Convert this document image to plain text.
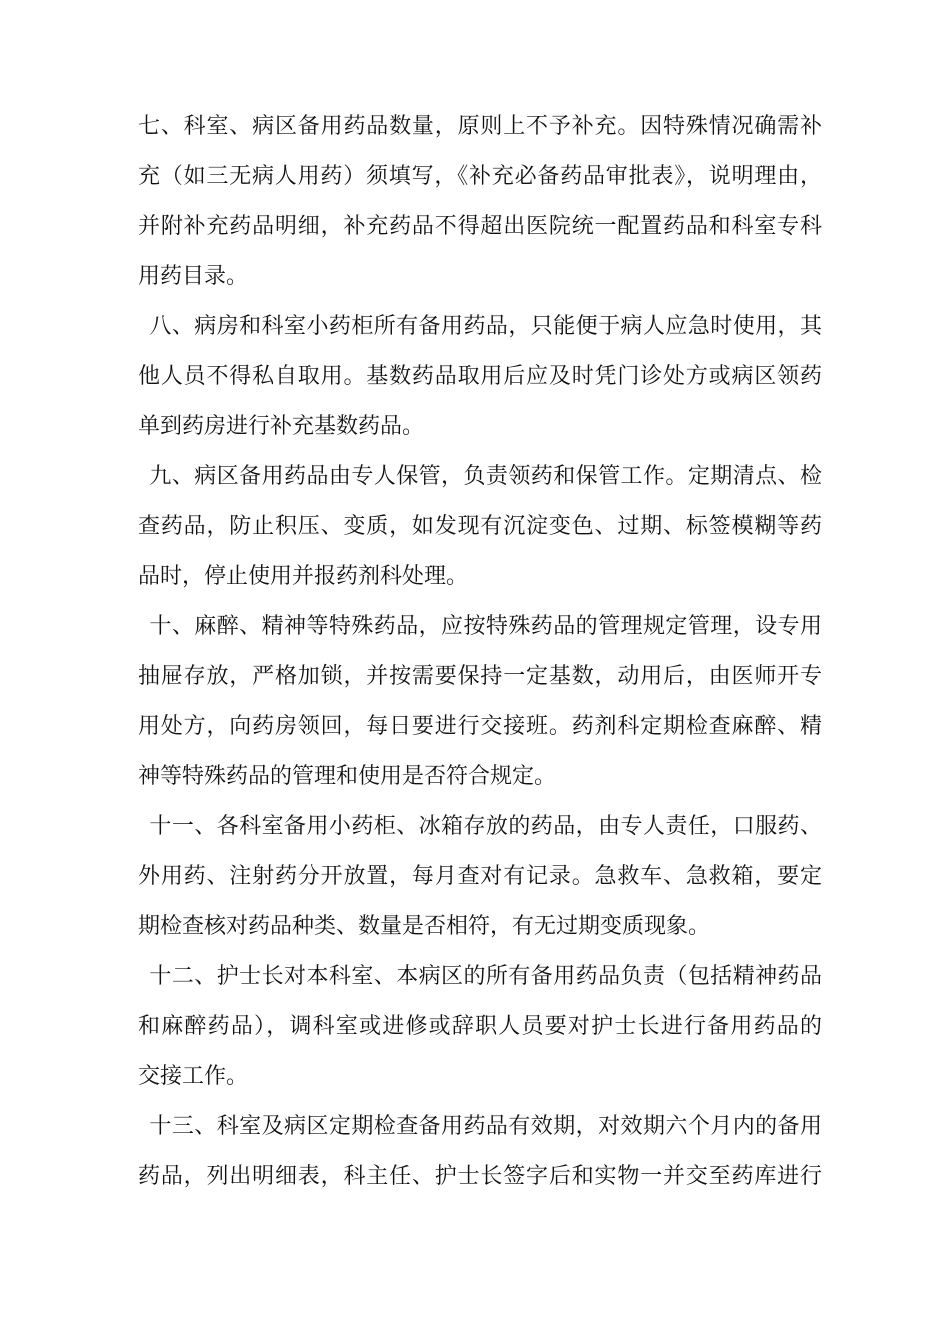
七、科室、病区备用药品数量，原则上不予补充。因特殊情况确需补
充（如三无病人用药）须填写，《补充必备药品审批表》，说明理由，
并附补充药品明细，补充药品不得超出医院统一配置药品和科室专科
用药目录。
八、病房和科室小药柜所有备用药品，只能便于病人应急时使用，其
他人员不得私自取用。基数药品取用后应及时凭门诊处方或病区领药
单到药房进行补充基数药品。
九、病区备用药品由专人保管，负责领药和保管工作。定期清点、检
查药品，防止积压、变质，如发现有沉淀变色、过期、标签模糊等药
品时，停止使用并报药剂科处理。
十、麻醉、精神等特殊药品，应按特殊药品的管理规定管理，设专用
抽屉存放，严格加锁，并按需要保持一定基数，动用后，由医师开专
用处方，向药房领回，每日要进行交接班。药剂科定期检查麻醉、精
神等特殊药品的管理和使用是否符合规定。
十一、各科室备用小药柜、冰箱存放的药品，由专人责任，口服药、
外用药、注射药分开放置，每月查对有记录。急救车、急救箱，要定
期检查核对药品种类、数量是否相符，有无过期变质现象。
十二、护士长对本科室、本病区的所有备用药品负责（包括精神药品
和麻醉药品），调科室或进修或辞职人员要对护士长进行备用药品的
交接工作。
十三、科室及病区定期检查备用药品有效期，对效期六个月内的备用
药品，列出明细表，科主任、护士长签字后和实物一并交至药库进行
